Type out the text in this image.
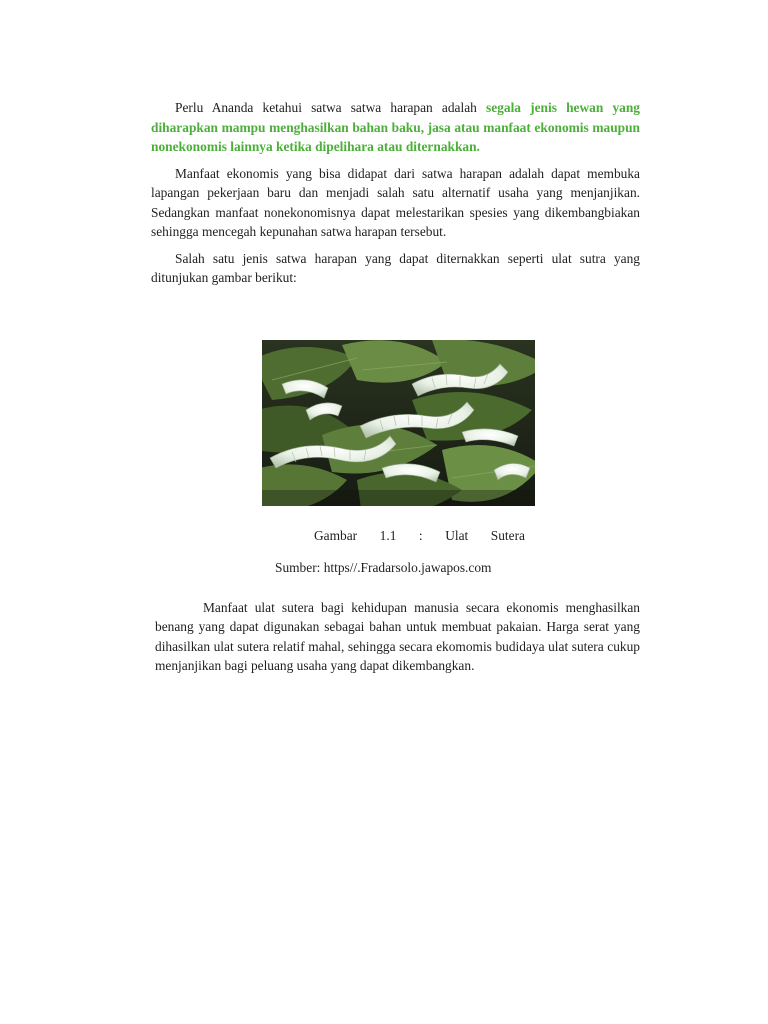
Perlu Ananda ketahui satwa satwa harapan adalah segala jenis hewan yang diharapkan mampu menghasilkan bahan baku, jasa atau manfaat ekonomis maupun nonekonomis lainnya ketika dipelihara atau diternakkan.

Manfaat ekonomis yang bisa didapat dari satwa harapan adalah dapat membuka lapangan pekerjaan baru dan menjadi salah satu alternatif usaha yang menjanjikan. Sedangkan manfaat nonekonomisnya dapat melestarikan spesies yang dikembangbiakan sehingga mencegah kepunahan satwa harapan tersebut.

Salah satu jenis satwa harapan yang dapat diternakkan seperti ulat sutra yang ditunjukan gambar berikut:

Gambar 1.1 : Ulat Sutera

Sumber: https//.Fradarsolo.jawapos.com

Manfaat ulat sutera bagi kehidupan manusia secara ekonomis menghasilkan benang yang dapat digunakan sebagai bahan untuk membuat pakaian. Harga serat yang dihasilkan ulat sutera relatif mahal, sehingga secara ekomomis budidaya ulat sutera cukup menjanjikan bagi peluang usaha yang dapat dikembangkan.
